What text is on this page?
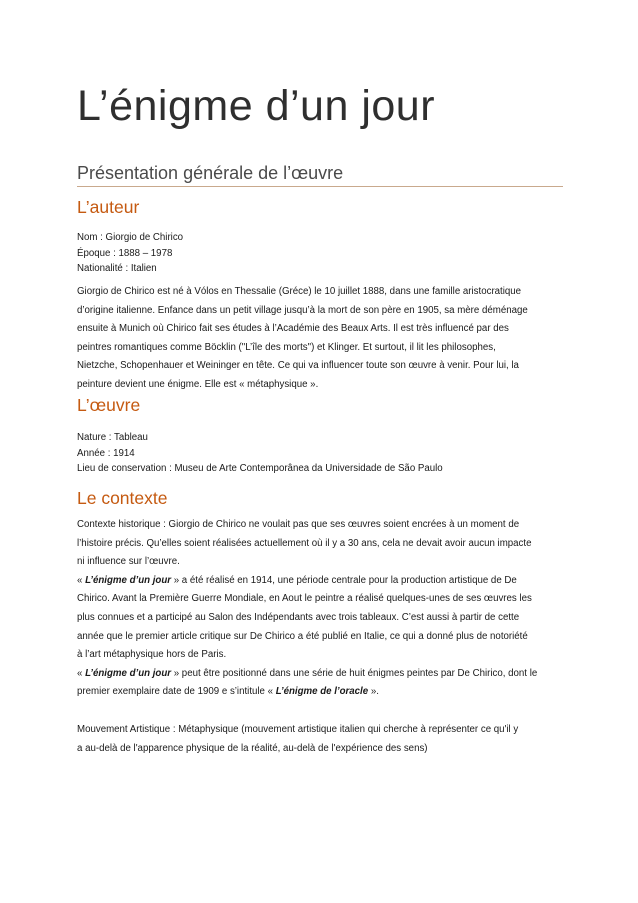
L’énigme d’un jour
Présentation générale de l’œuvre
L’auteur
Nom : Giorgio de Chirico
Époque : 1888 – 1978
Nationalité : Italien
Giorgio de Chirico est né à Vólos en Thessalie (Gréce) le 10 juillet 1888, dans une famille aristocratique
d’origine italienne. Enfance dans un petit village jusqu’à la mort de son père en 1905, sa mère déménage
ensuite à Munich où Chirico fait ses études à l’Académie des Beaux Arts. Il est très influencé par des
peintres romantiques comme Böcklin ("L’île des morts") et Klinger. Et surtout, il lit les philosophes,
Nietzche, Schopenhauer et Weininger en tête. Ce qui va influencer toute son œuvre à venir. Pour lui, la
peinture devient une énigme. Elle est « métaphysique ».
L’œuvre
Nature : Tableau
Année : 1914
Lieu de conservation : Museu de Arte Contemporânea da Universidade de São Paulo
Le contexte
Contexte historique : Giorgio de Chirico ne voulait pas que ses œuvres soient encrées à un moment de
l’histoire précis. Qu’elles soient réalisées actuellement où il y a 30 ans, cela ne devait avoir aucun impacte
ni influence sur l’œuvre.
« L’énigme d’un jour » a été réalisé en 1914, une période centrale pour la production artistique de De
Chirico. Avant la Première Guerre Mondiale, en Aout le peintre a réalisé quelques-unes de ses œuvres les
plus connues et a participé au Salon des Indépendants avec trois tableaux. C’est aussi à partir de cette
année que le premier article critique sur De Chirico a été publié en Italie, ce qui a donné plus de notoriété
à l’art métaphysique hors de Paris.
« L’énigme d’un jour » peut être positionné dans une série de huit énigmes peintes par De Chirico, dont le
premier exemplaire date de 1909 e s’intitule « L’énigme de l’oracle ».
Mouvement Artistique : Métaphysique (mouvement artistique italien qui cherche à représenter ce qu'il y
a au-delà de l'apparence physique de la réalité, au-delà de l'expérience des sens)
